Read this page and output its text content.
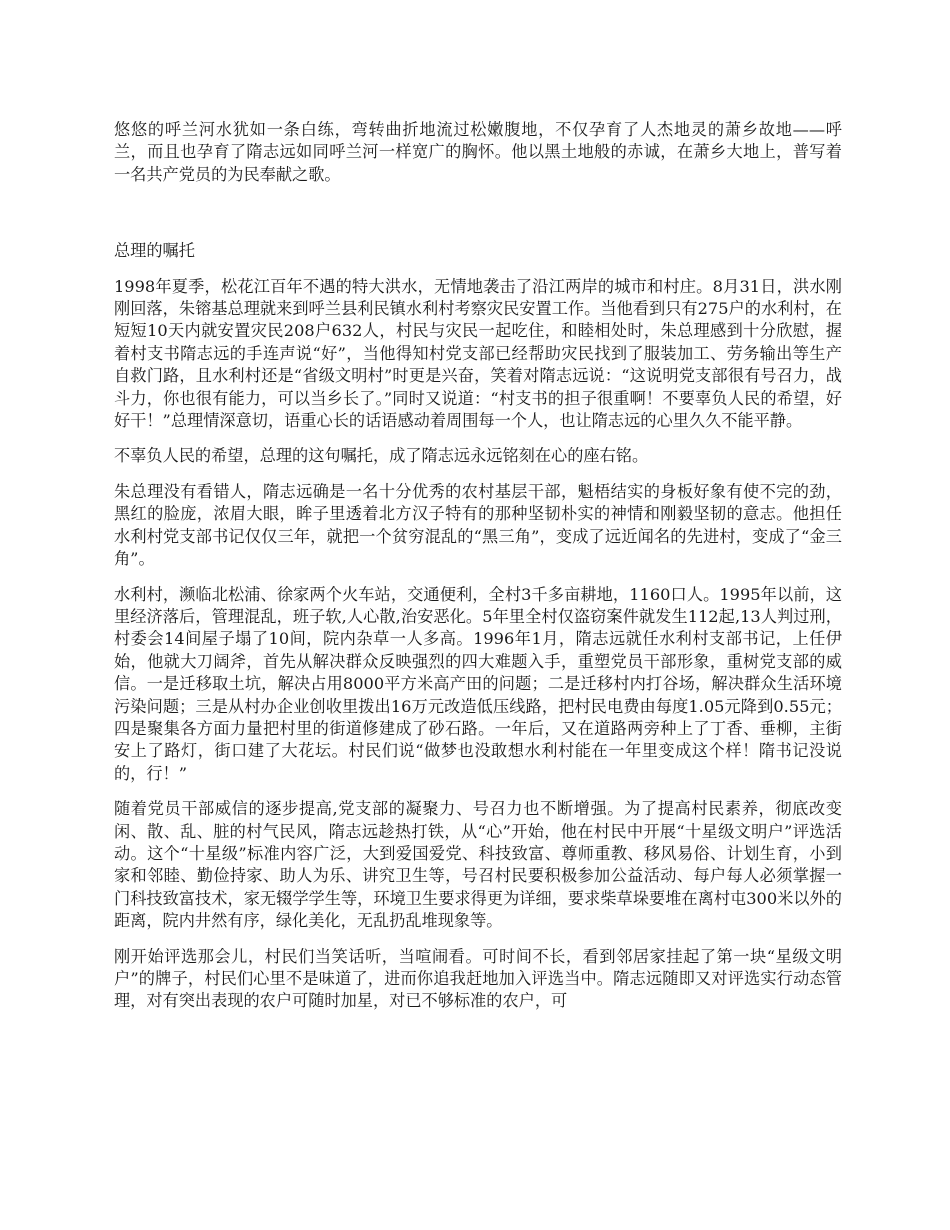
悠悠的呼兰河水犹如一条白练，弯转曲折地流过松嫩腹地，不仅孕育了人杰地灵的萧乡故地——呼兰，而且也孕育了隋志远如同呼兰河一样宽广的胸怀。他以黑土地般的赤诚，在萧乡大地上，普写着一名共产党员的为民奉献之歌。

总理的嘱托

1998年夏季，松花江百年不遇的特大洪水，无情地袭击了沿江两岸的城市和村庄。8月31日，洪水刚刚回落，朱镕基总理就来到呼兰县利民镇水利村考察灾民安置工作。当他看到只有275户的水利村，在短短10天内就安置灾民208户632人，村民与灾民一起吃住，和睦相处时，朱总理感到十分欣慰，握着村支书隋志远的手连声说“好”，当他得知村党支部已经帮助灾民找到了服装加工、劳务输出等生产自救门路，且水利村还是“省级文明村”时更是兴奋，笑着对隋志远说：“这说明党支部很有号召力，战斗力，你也很有能力，可以当乡长了。”同时又说道：“村支书的担子很重啊！不要辜负人民的希望，好好干！”总理情深意切，语重心长的话语感动着周围每一个人，也让隋志远的心里久久不能平静。

不辜负人民的希望，总理的这句嘱托，成了隋志远永远铭刻在心的座右铭。

朱总理没有看错人，隋志远确是一名十分优秀的农村基层干部，魁梧结实的身板好象有使不完的劲，黑红的脸庞，浓眉大眼，眸子里透着北方汉子特有的那种坚韧朴实的神情和刚毅坚韧的意志。他担任水利村党支部书记仅仅三年，就把一个贫穷混乱的“黑三角”，变成了远近闻名的先进村，变成了“金三角”。

水利村，濒临北松浦、徐家两个火车站，交通便利，全村3千多亩耕地，1160口人。1995年以前，这里经济落后，管理混乱，班子软,人心散,治安恶化。5年里全村仅盗窃案件就发生112起,13人判过刑，村委会14间屋子塌了10间，院内杂草一人多高。1996年1月，隋志远就任水利村支部书记，上任伊始，他就大刀阔斧，首先从解决群众反映强烈的四大难题入手，重塑党员干部形象，重树党支部的威信。一是迁移取土坑，解决占用8000平方米高产田的问题；二是迁移村内打谷场，解决群众生活环境污染问题；三是从村办企业创收里拨出16万元改造低压线路，把村民电费由每度1.05元降到0.55元；四是聚集各方面力量把村里的街道修建成了砂石路。一年后，又在道路两旁种上了丁香、垂柳，主街安上了路灯，街口建了大花坛。村民们说“做梦也没敢想水利村能在一年里变成这个样！隋书记没说的，行！”

随着党员干部威信的逐步提高,党支部的凝聚力、号召力也不断增强。为了提高村民素养，彻底改变闲、散、乱、脏的村气民风，隋志远趁热打铁，从“心”开始，他在村民中开展“十星级文明户”评选活动。这个“十星级”标准内容广泛，大到爱国爱党、科技致富、尊师重教、移风易俗、计划生育，小到家和邻睦、勤俭持家、助人为乐、讲究卫生等，号召村民要积极参加公益活动、每户每人必须掌握一门科技致富技术，家无辍学学生等，环境卫生要求得更为详细，要求柴草垛要堆在离村屯300米以外的距离，院内井然有序，绿化美化，无乱扔乱堆现象等。

刚开始评选那会儿，村民们当笑话听，当喧闹看。可时间不长，看到邻居家挂起了第一块“星级文明户”的牌子，村民们心里不是味道了，进而你追我赶地加入评选当中。隋志远随即又对评选实行动态管理，对有突出表现的农户可随时加星，对已不够标准的农户，可
